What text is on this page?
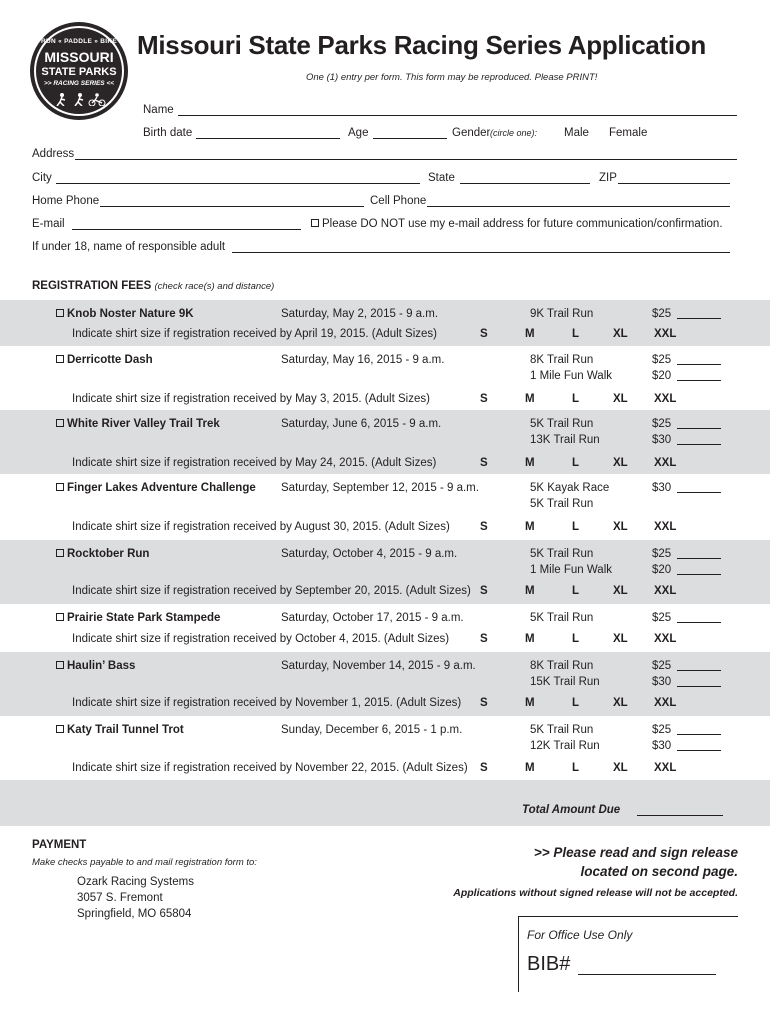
RUN « PADDLE » BIKE
MISSOURI
STATE PARKS
>> RACING SERIES <<
Missouri State Parks Racing Series Application
One (1) entry per form. This form may be reproduced. Please PRINT!
Name
Birth date	Age	Gender (circle one): Male Female
Address
City	State	ZIP
Home Phone	Cell Phone
E-mail	Please DO NOT use my e-mail address for future communication/confirmation.
If under 18, name of responsible adult
REGISTRATION FEES (check race(s) and distance)
Knob Noster Nature 9K	Saturday, May 2, 2015 - 9 a.m.	9K Trail Run	$25
Indicate shirt size if registration received by April 19, 2015. (Adult Sizes)	S	M	L	XL XXL
Derricotte Dash	Saturday, May 16, 2015 - 9 a.m.	8K Trail Run	$25
1 Mile Fun Walk	$20
Indicate shirt size if registration received by May 3, 2015. (Adult Sizes)	S	M	L	XL XXL
White River Valley Trail Trek	Saturday, June 6, 2015 - 9 a.m.	5K Trail Run	$25
13K Trail Run	$30
Indicate shirt size if registration received by May 24, 2015. (Adult Sizes)	S	M	L	XL XXL
Finger Lakes Adventure Challenge Saturday, September 12, 2015 - 9 a.m.	5K Kayak Race	$30
5K Trail Run
Indicate shirt size if registration received by August 30, 2015. (Adult Sizes)	S	M	L	XL XXL
Rocktober Run	Saturday, October 4, 2015 - 9 a.m.	5K Trail Run	$25
1 Mile Fun Walk	$20
Indicate shirt size if registration received by September 20, 2015. (Adult Sizes) S	M	L	XL XXL
Prairie State Park Stampede	Saturday, October 17, 2015 - 9 a.m.	5K Trail Run	$25
Indicate shirt size if registration received by October 4, 2015. (Adult Sizes)	S	M	L	XL XXL
Haulin’ Bass	Saturday, November 14, 2015 - 9 a.m.	8K Trail Run	$25
15K Trail Run	$30
Indicate shirt size if registration received by November 1, 2015. (Adult Sizes) S	M	L	XL XXL
Katy Trail Tunnel Trot	Sunday, December 6, 2015 - 1 p.m.	5K Trail Run	$25
12K Trail Run	$30
Indicate shirt size if registration received by November 22, 2015. (Adult Sizes) S	M	L	XL XXL
Total Amount Due
PAYMENT
Make checks payable to and mail registration form to:
Ozark Racing Systems
3057 S. Fremont
Springfield, MO 65804
>> Please read and sign release
located on second page.
Applications without signed release will not be accepted.
For Office Use Only
BIB#
